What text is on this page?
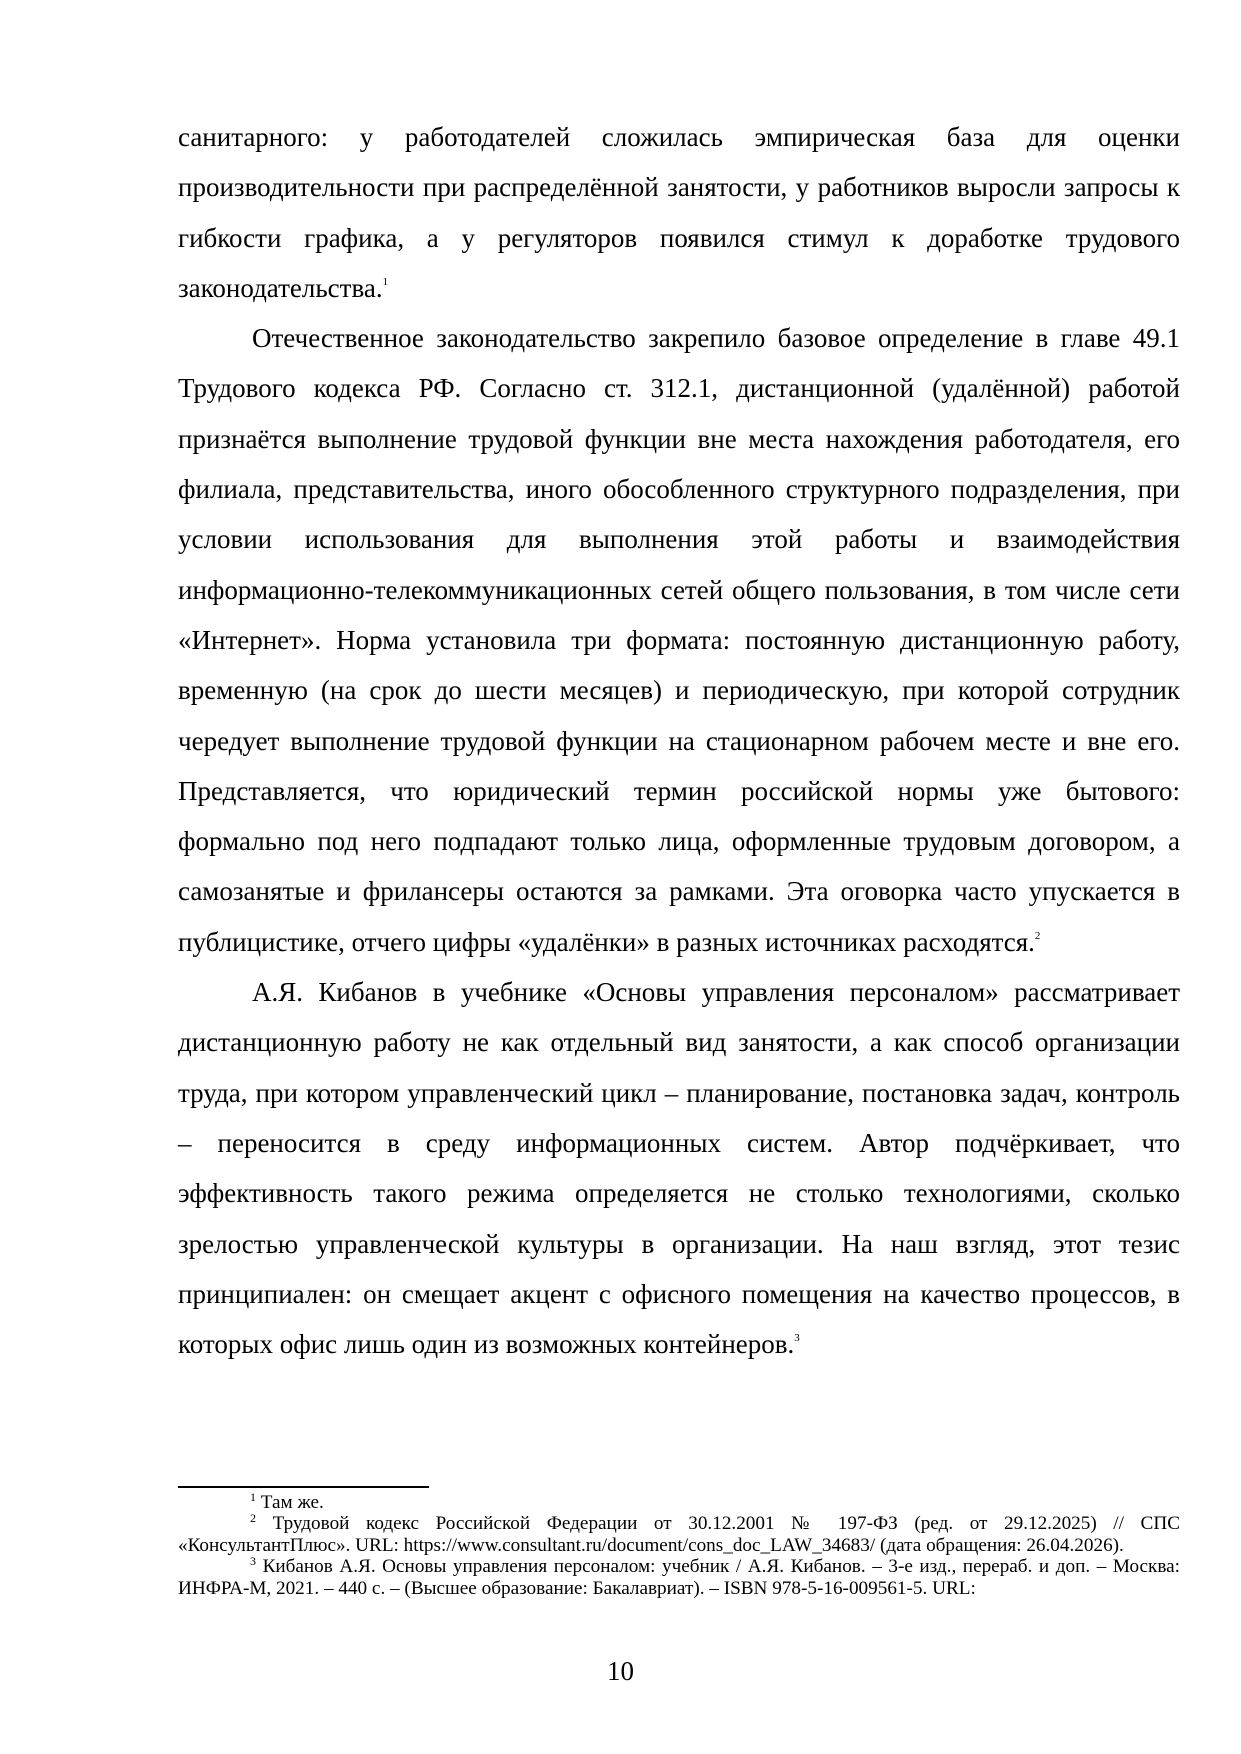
санитарного: у работодателей сложилась эмпирическая база для оценки производительности при распределённой занятости, у работников выросли запросы к гибкости графика, а у регуляторов появился стимул к доработке трудового законодательства.$^1$

Отечественное законодательство закрепило базовое определение в главе 49.1 Трудового кодекса РФ. Согласно ст. 312.1, дистанционной (удалённой) работой признаётся выполнение трудовой функции вне места нахождения работодателя, его филиала, представительства, иного обособленного структурного подразделения, при условии использования для выполнения этой работы и взаимодействия информационно-телекоммуникационных сетей общего пользования, в том числе сети «Интернет». Норма установила три формата: постоянную дистанционную работу, временную (на срок до шести месяцев) и периодическую, при которой сотрудник чередует выполнение трудовой функции на стационарном рабочем месте и вне его. Представляется, что юридический термин российской нормы уже бытового: формально под него подпадают только лица, оформленные трудовым договором, а самозанятые и фрилансеры остаются за рамками. Эта оговорка часто упускается в публицистике, отчего цифры «удалёнки» в разных источниках расходятся.$^2$

А.Я. Кибанов в учебнике «Основы управления персоналом» рассматривает дистанционную работу не как отдельный вид занятости, а как способ организации труда, при котором управленческий цикл – планирование, постановка задач, контроль – переносится в среду информационных систем. Автор подчёркивает, что эффективность такого режима определяется не столько технологиями, сколько зрелостью управленческой культуры в организации. На наш взгляд, этот тезис принципиален: он смещает акцент с офисного помещения на качество процессов, в которых офис лишь один из возможных контейнеров.$^3$

$^1$ Там же.

$^2$ Трудовой кодекс Российской Федерации от 30.12.2001 № 197-ФЗ (ред. от 29.12.2025) // СПС «КонсультантПлюс». URL: https://www.consultant.ru/document/cons_doc_LAW_34683/ (дата обращения: 26.04.2026).

$^3$ Кибанов А.Я. Основы управления персоналом: учебник / А.Я. Кибанов. – 3-е изд., перераб. и доп. – Москва: ИНФРА-М, 2021. – 440 с. – (Высшее образование: Бакалавриат). – ISBN 978-5-16-009561-5. URL:

10
